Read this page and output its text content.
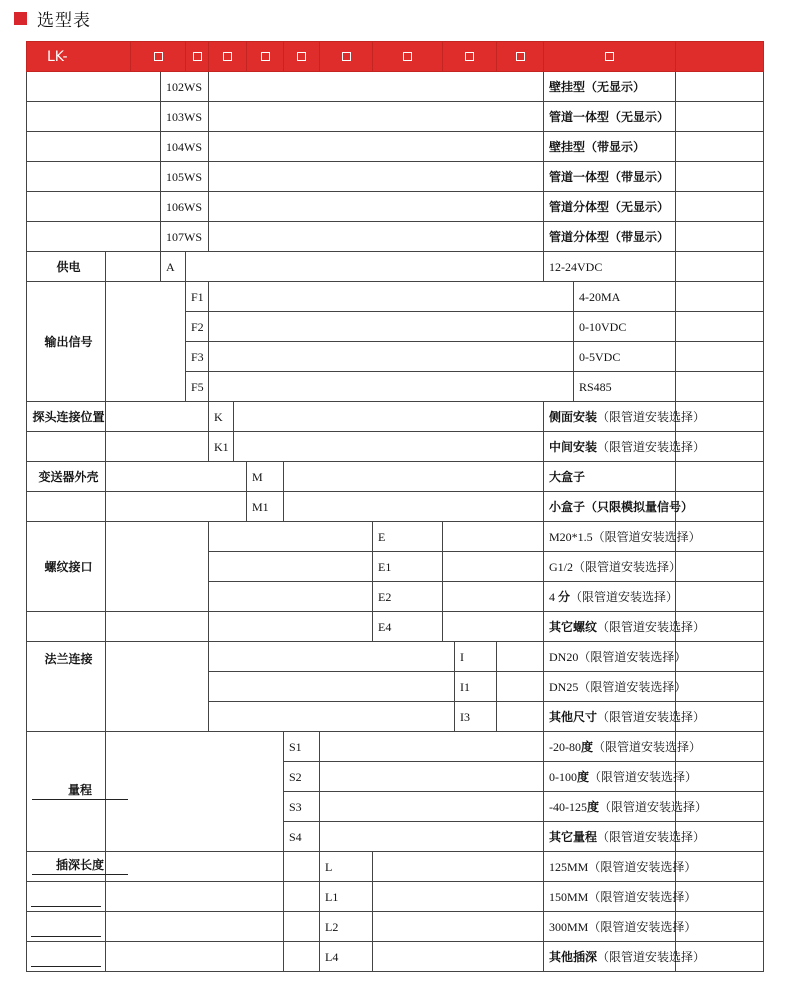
选型表
LK-																
			102WS											壁挂型（无显示）		
			103WS											管道一体型（无显示）		
			104WS											壁挂型（带显示）		
			105WS											管道一体型（带显示）		
			106WS											管道分体型（无显示）		
			107WS											管道分体型（带显示）		
供电			A											12-24VDC		
输出信号				F1											4-20MA	
				F2											0-10VDC	
				F3											0-5VDC	
				F5											RS485	
探头连接位置					K									侧面安装（限管道安装选择）		
					K1									中间安装（限管道安装选择）		
变送器外壳							M							大盒子		
							M1							小盒子（只限模拟量信号）		
螺纹接口										E				M20*1.5（限管道安装选择）		
										E1				G1/2（限管道安装选择）		
										E2				4 分（限管道安装选择）		
										E4				其它螺纹（限管道安装选择）		
法兰连接												I		DN20（限管道安装选择）		
												I1		DN25（限管道安装选择）		
												I3		其他尺寸（限管道安装选择）		
量程								S1						-20-80度（限管道安装选择）		
								S2						0-100度（限管道安装选择）		
								S3						-40-125度（限管道安装选择）		
								S4						其它量程（限管道安装选择）		
插深长度									L					125MM（限管道安装选择）		
									L1					150MM（限管道安装选择）		
									L2					300MM（限管道安装选择）		
									L4					其他插深（限管道安装选择）		
